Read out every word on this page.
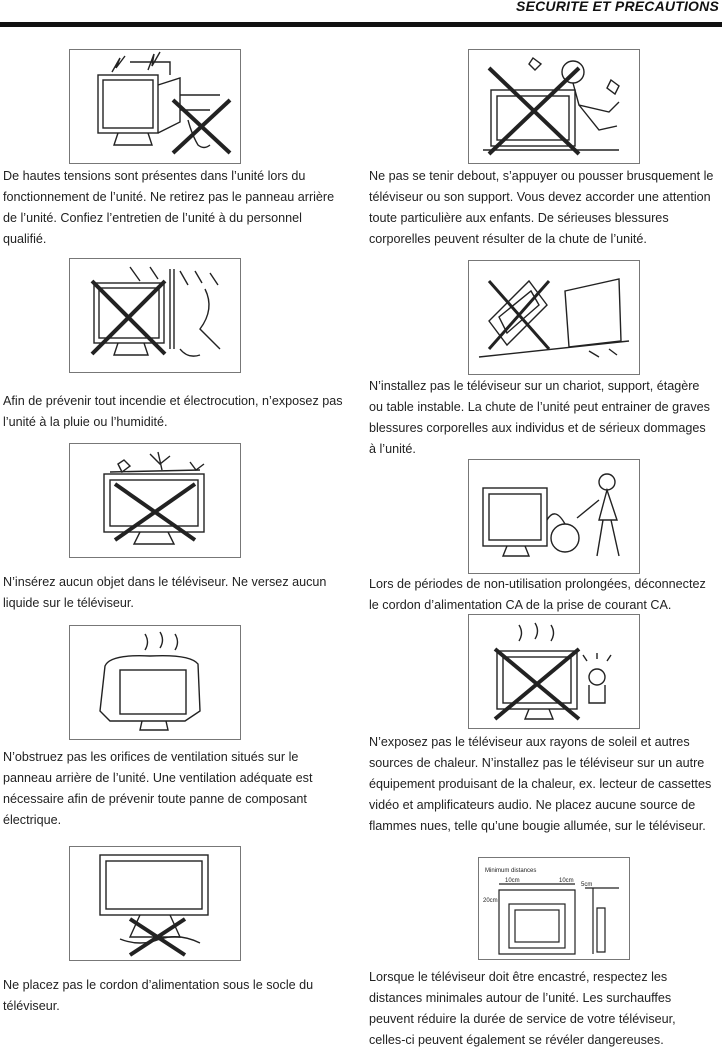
SECURITE ET PRECAUTIONS

De hautes tensions sont présentes dans l’unité lors du fonctionnement de l’unité. Ne retirez pas le panneau arrière de l’unité. Confiez l’entretien de l’unité à du personnel qualifié.

Afin de prévenir tout incendie et électrocution, n’exposez pas l’unité à la pluie ou l’humidité.

N’insérez aucun objet dans le téléviseur. Ne versez aucun liquide sur le téléviseur.

N’obstruez pas les orifices de ventilation situés sur le panneau arrière de l’unité. Une ventilation adéquate est nécessaire afin de prévenir toute panne de composant électrique.

Ne placez pas le cordon d’alimentation sous le socle du téléviseur.

Ne pas se tenir debout, s’appuyer ou pousser brusquement le téléviseur ou son support. Vous devez accorder une attention toute particulière aux enfants. De sérieuses blessures corporelles peuvent résulter de la chute de l’unité.

N’installez pas le téléviseur sur un chariot, support, étagère ou table instable. La chute de l’unité peut entrainer de graves blessures corporelles aux individus et de sérieux dommages à l’unité.

Lors de périodes de non-utilisation prolongées, déconnectez le cordon d’alimentation CA de la prise de courant CA.

N’exposez pas le téléviseur aux rayons de soleil et autres sources de chaleur. N’installez pas le téléviseur sur un autre équipement produisant de la chaleur, ex. lecteur de cassettes vidéo et amplificateurs audio. Ne placez aucune source de flammes nues, telle qu’une bougie allumée, sur le téléviseur.

Minimum distances
10cm	10cm
5cm
20cm

Lorsque le téléviseur doit être encastré, respectez les distances minimales autour de l’unité. Les surchauffes peuvent réduire la durée de service de votre téléviseur, celles-ci peuvent également se révéler dangereuses.
